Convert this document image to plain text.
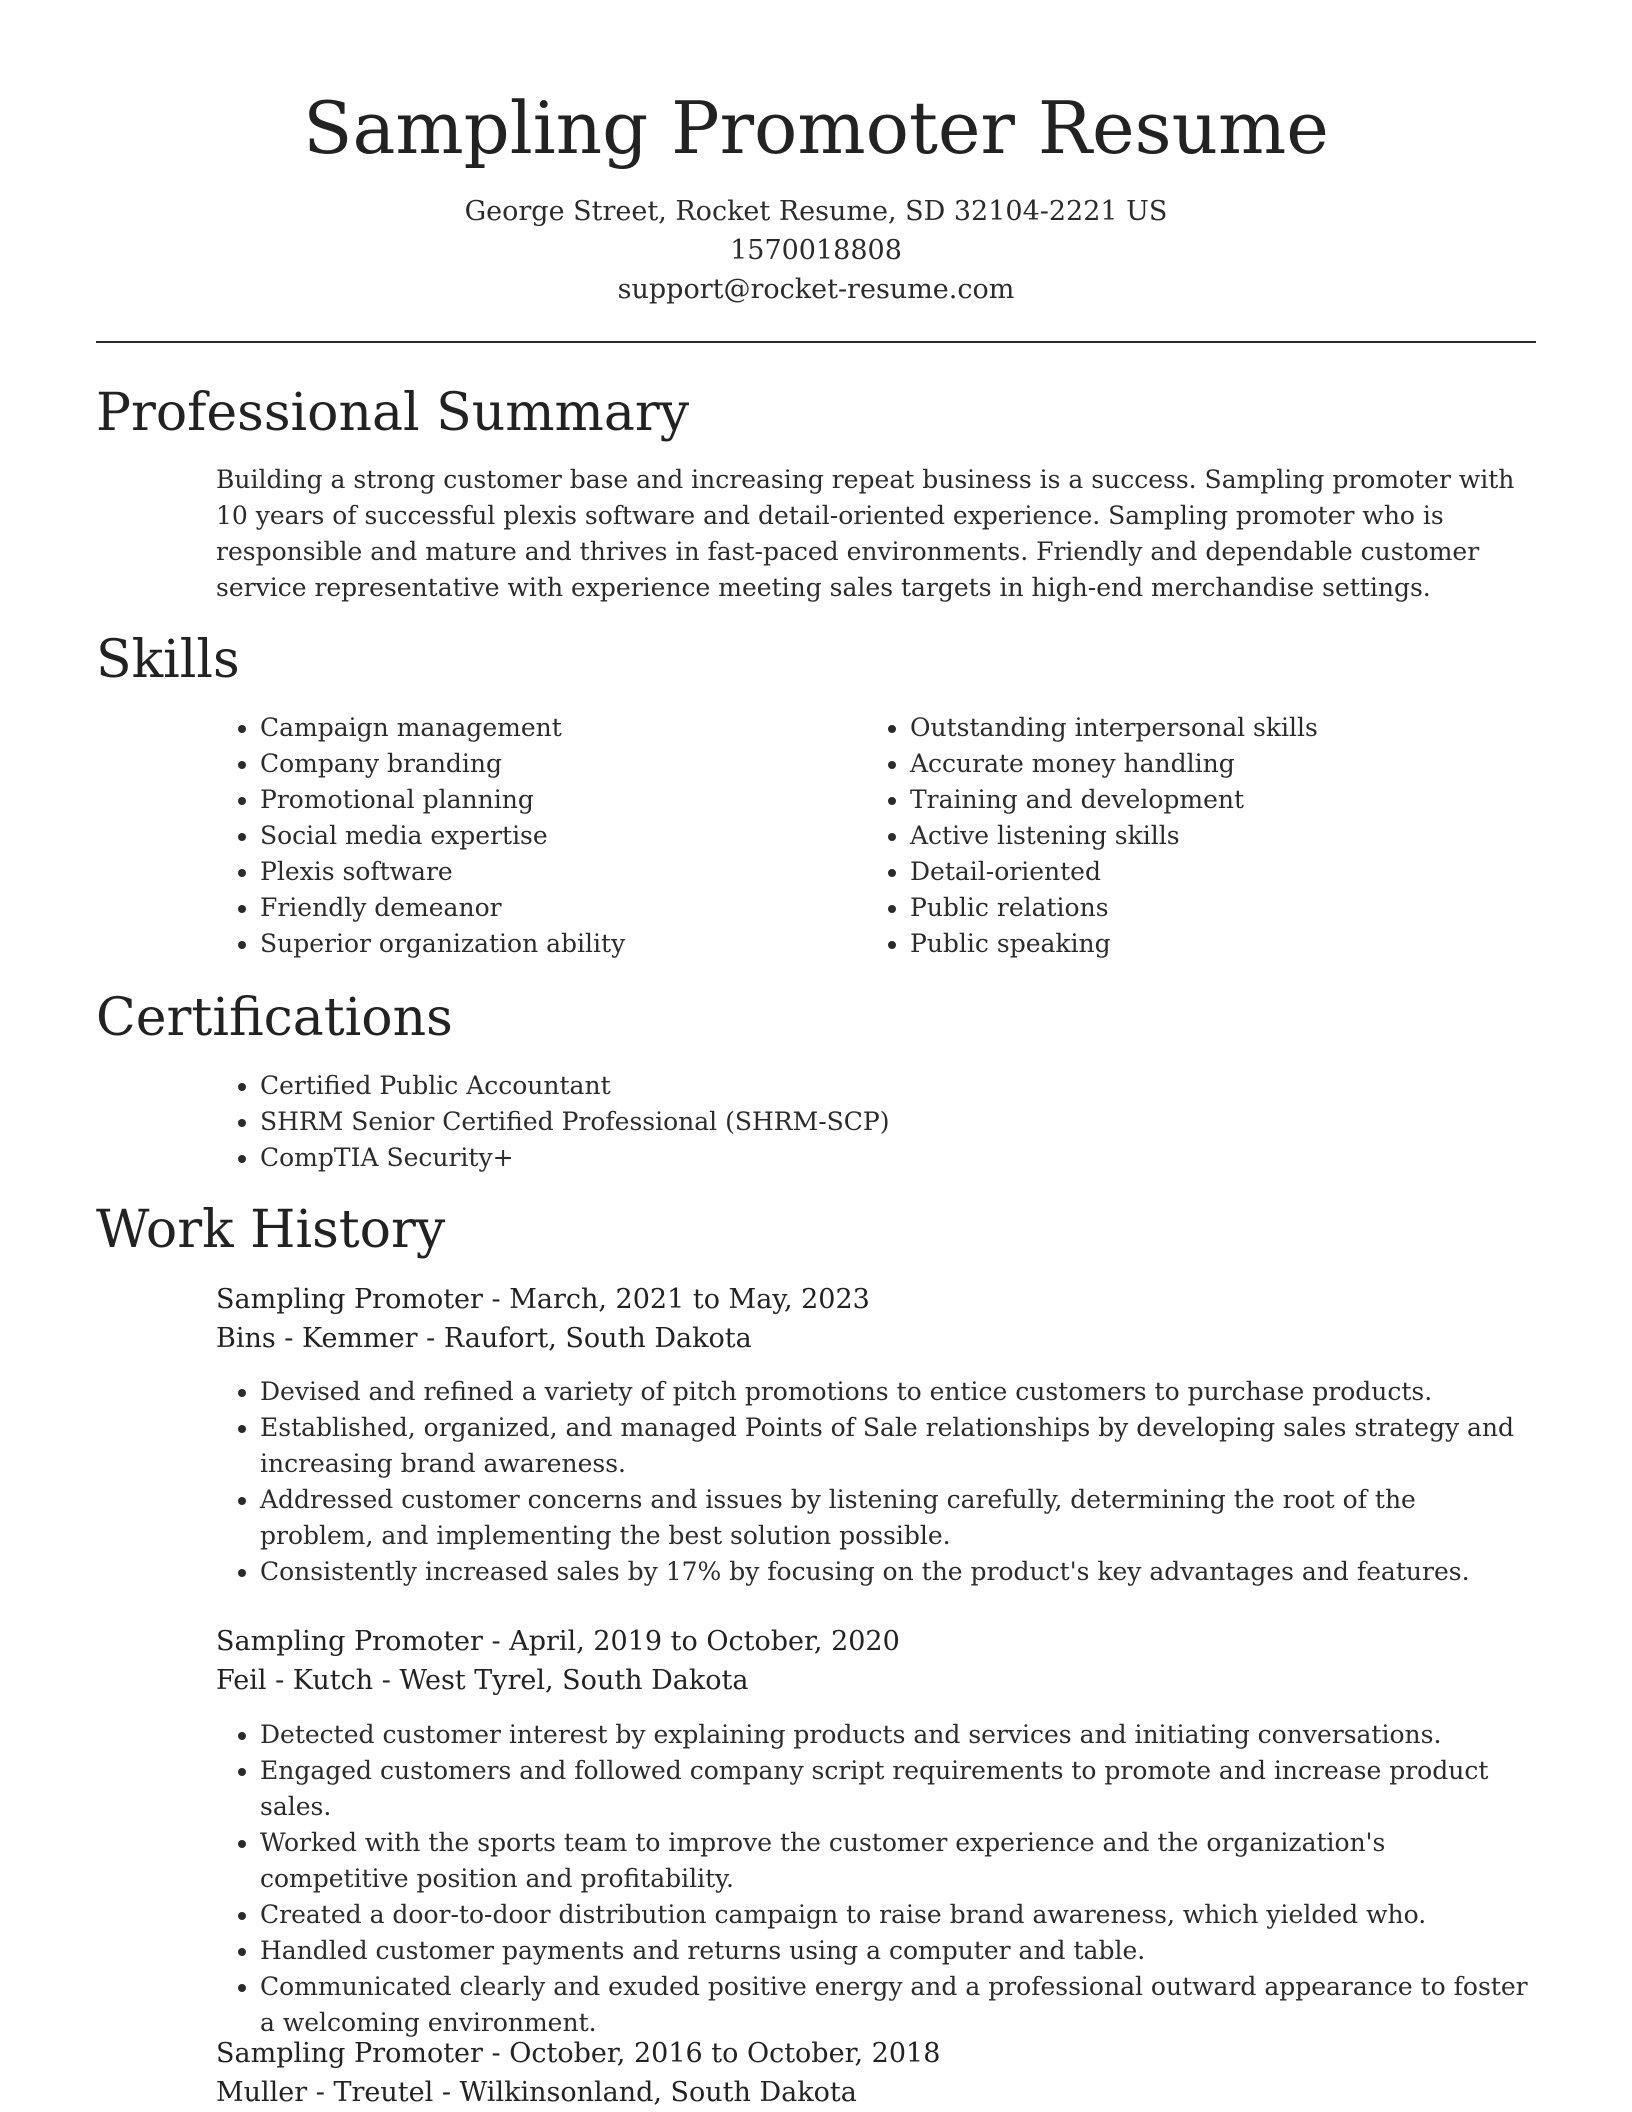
Sampling Promoter Resume
George Street, Rocket Resume, SD 32104-2221 US
1570018808
support@rocket-resume.com
Professional Summary
Building a strong customer base and increasing repeat business is a success. Sampling promoter with 10 years of successful plexis software and detail-oriented experience. Sampling promoter who is responsible and mature and thrives in fast-paced environments. Friendly and dependable customer service representative with experience meeting sales targets in high-end merchandise settings.
Skills
• Campaign management
• Company branding
• Promotional planning
• Social media expertise
• Plexis software
• Friendly demeanor
• Superior organization ability
• Outstanding interpersonal skills
• Accurate money handling
• Training and development
• Active listening skills
• Detail-oriented
• Public relations
• Public speaking
Certifications
• Certified Public Accountant
• SHRM Senior Certified Professional (SHRM-SCP)
• CompTIA Security+
Work History
Sampling Promoter - March, 2021 to May, 2023
Bins - Kemmer - Raufort, South Dakota
• Devised and refined a variety of pitch promotions to entice customers to purchase products.
• Established, organized, and managed Points of Sale relationships by developing sales strategy and increasing brand awareness.
• Addressed customer concerns and issues by listening carefully, determining the root of the problem, and implementing the best solution possible.
• Consistently increased sales by 17% by focusing on the product's key advantages and features.
Sampling Promoter - April, 2019 to October, 2020
Feil - Kutch - West Tyrel, South Dakota
• Detected customer interest by explaining products and services and initiating conversations.
• Engaged customers and followed company script requirements to promote and increase product sales.
• Worked with the sports team to improve the customer experience and the organization's competitive position and profitability.
• Created a door-to-door distribution campaign to raise brand awareness, which yielded who.
• Handled customer payments and returns using a computer and table.
• Communicated clearly and exuded positive energy and a professional outward appearance to foster a welcoming environment.
Sampling Promoter - October, 2016 to October, 2018
Muller - Treutel - Wilkinsonland, South Dakota
